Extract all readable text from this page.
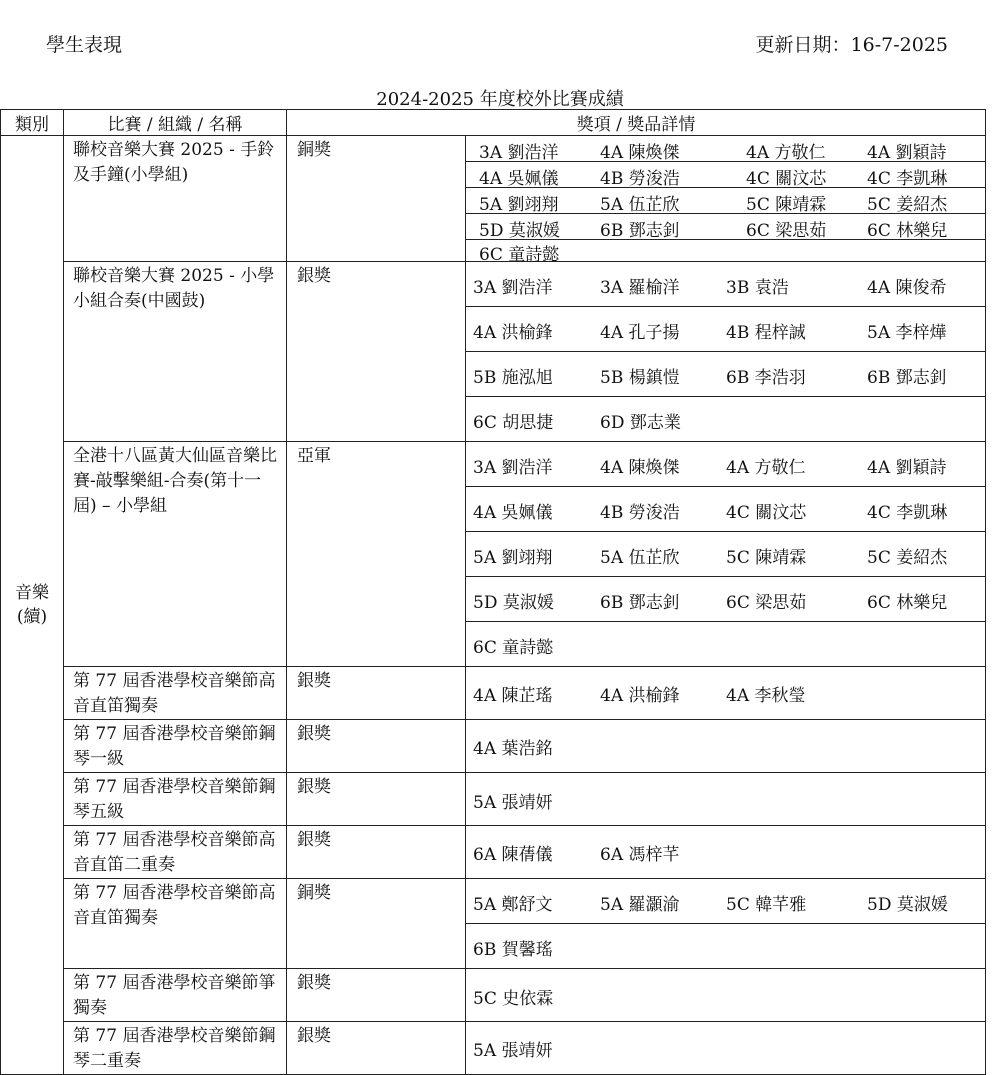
學生表現	更新日期：16-7-2025
2024-2025 年度校外比賽成績
類別	比賽 / 組織 / 名稱	獎項 / 獎品詳情	
音樂
(續)	聯校音樂大賽 2025 - 手鈴及手鐘(小學組)	銅獎	3A 劉浩洋 4A 陳煥傑 4A 方敬仁 4A 劉穎詩

			4A 吳姵儀 4B 勞浚浩 4C 關汶芯 4C 李凱琳

			5A 劉翊翔 5A 伍芷欣 5C 陳靖霖 5C 姜紹杰

			5D 莫淑媛 6B 鄧志釗 6C 梁思茹 6C 林樂兒

			6C 童詩懿

	聯校音樂大賽 2025 - 小學小組合奏(中國鼓)	銀獎	3A 劉浩洋 3A 羅榆洋 3B 袁浩 4A 陳俊希

			4A 洪榆鋒 4A 孔子揚 4B 程梓誠 5A 李梓燁

			5B 施泓旭 5B 楊鎮愷 6B 李浩羽 6B 鄧志釗

			6C 胡思捷 6D 鄧志業

	全港十八區黃大仙區音樂比賽-敲擊樂組-合奏(第十一屆) – 小學組	亞軍	3A 劉浩洋 4A 陳煥傑 4A 方敬仁 4A 劉穎詩

			4A 吳姵儀 4B 勞浚浩 4C 關汶芯 4C 李凱琳

			5A 劉翊翔 5A 伍芷欣 5C 陳靖霖 5C 姜紹杰

			5D 莫淑媛 6B 鄧志釗 6C 梁思茹 6C 林樂兒

			6C 童詩懿

	第 77 屆香港學校音樂節高音直笛獨奏	銀獎	4A 陳芷瑤 4A 洪榆鋒 4A 李秋瑩

	第 77 屆香港學校音樂節鋼琴一級	銀獎	4A 葉浩銘

	第 77 屆香港學校音樂節鋼琴五級	銀獎	5A 張靖妍

	第 77 屆香港學校音樂節高音直笛二重奏	銀獎	6A 陳蒨儀 6A 馮梓芊

	第 77 屆香港學校音樂節高音直笛獨奏	銅獎	5A 鄭舒文 5A 羅灝渝 5C 韓芊雅 5D 莫淑媛

			6B 賀馨瑤

	第 77 屆香港學校音樂節箏獨奏	銀獎	5C 史依霖

	第 77 屆香港學校音樂節鋼琴二重奏	銀獎	5A 張靖妍
